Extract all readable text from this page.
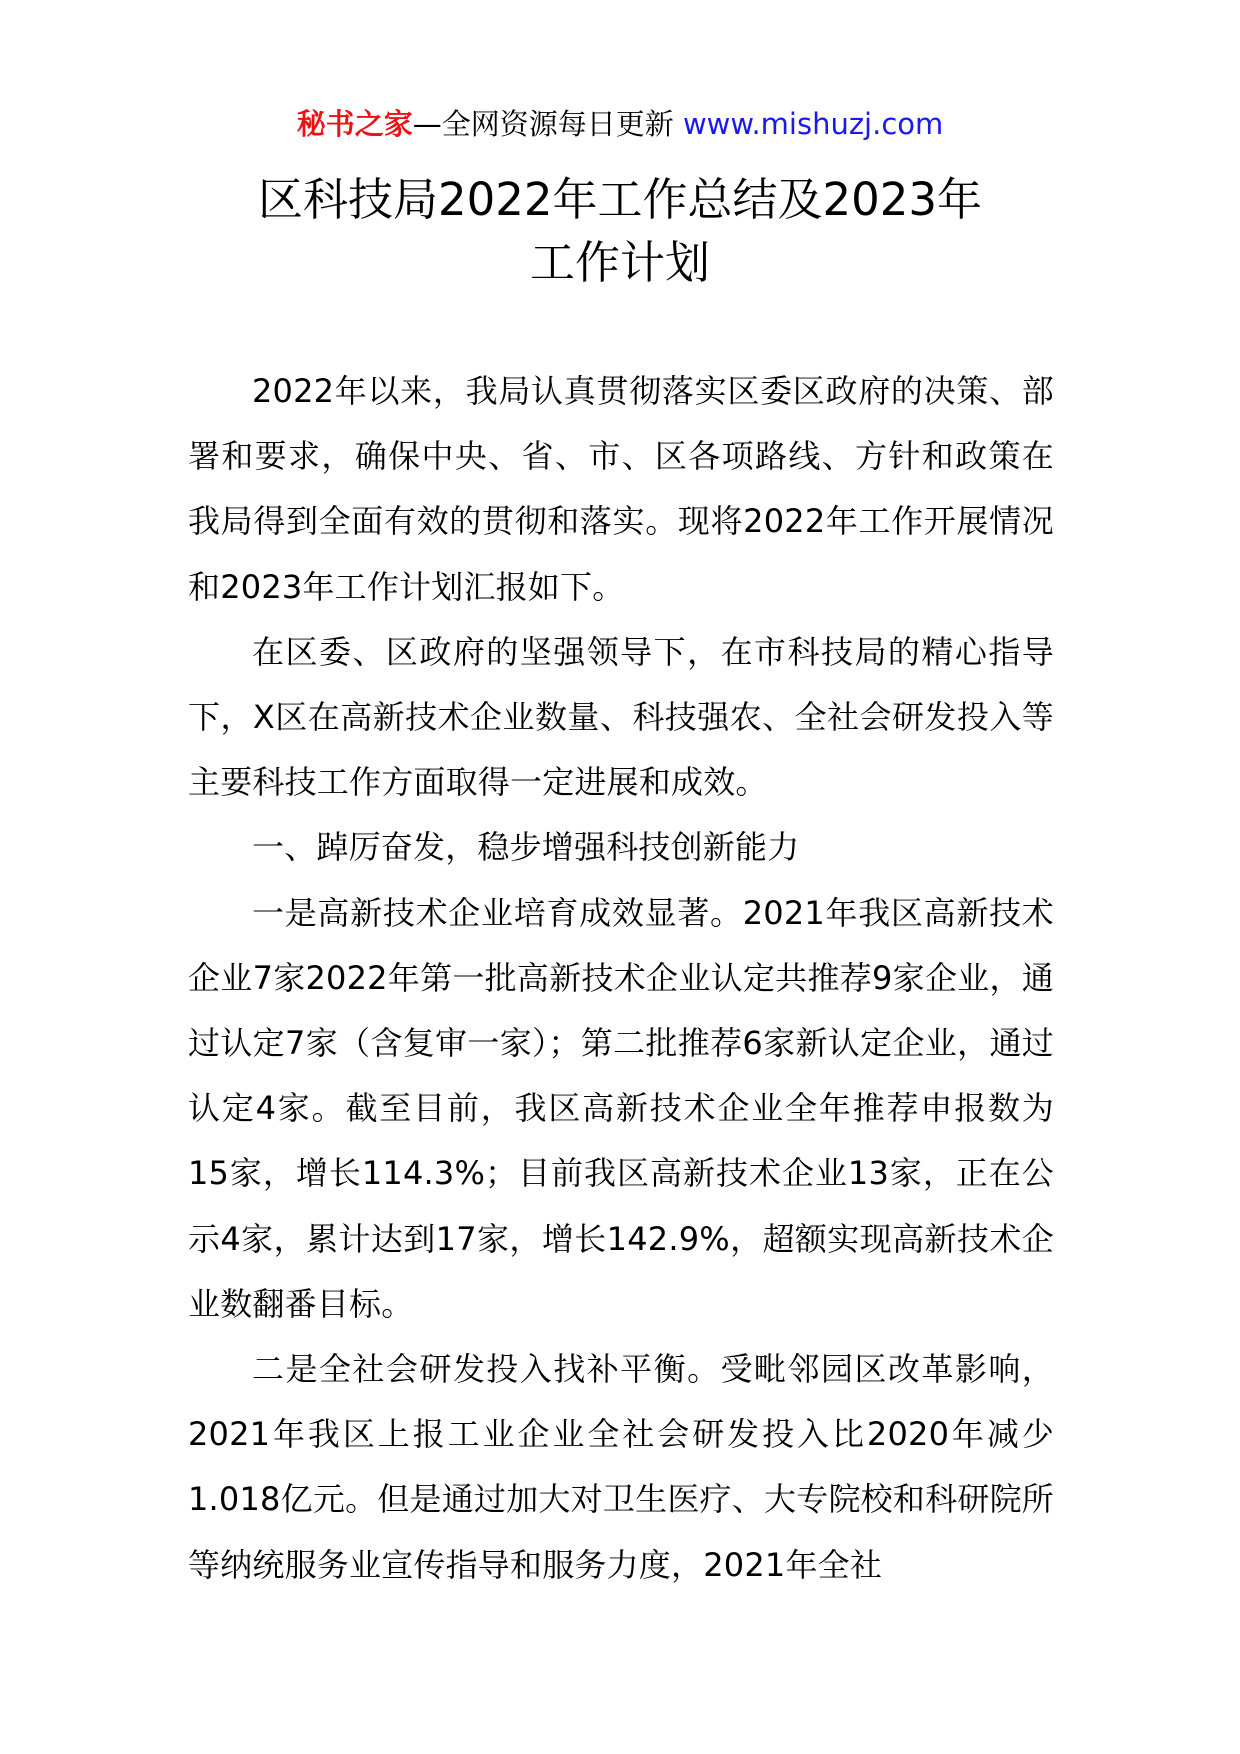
秘书之家—全网资源每日更新 www.mishuzj.com
区科技局2022年工作总结及2023年
工作计划

2022年以来，我局认真贯彻落实区委区政府的决策、部署和要求，确保中央、省、市、区各项路线、方针和政策在我局得到全面有效的贯彻和落实。现将2022年工作开展情况和2023年工作计划汇报如下。

在区委、区政府的坚强领导下，在市科技局的精心指导下，X区在高新技术企业数量、科技强农、全社会研发投入等主要科技工作方面取得一定进展和成效。

一、踔厉奋发，稳步增强科技创新能力

一是高新技术企业培育成效显著。2021年我区高新技术企业7家2022年第一批高新技术企业认定共推荐9家企业，通过认定7家（含复审一家）；第二批推荐6家新认定企业，通过认定4家。截至目前，我区高新技术企业全年推荐申报数为15家，增长114.3%；目前我区高新技术企业13家，正在公示4家，累计达到17家，增长142.9%，超额实现高新技术企业数翻番目标。

二是全社会研发投入找补平衡。受毗邻园区改革影响，2021年我区上报工业企业全社会研发投入比2020年减少1.018亿元。但是通过加大对卫生医疗、大专院校和科研院所等纳统服务业宣传指导和服务力度，2021年全社
